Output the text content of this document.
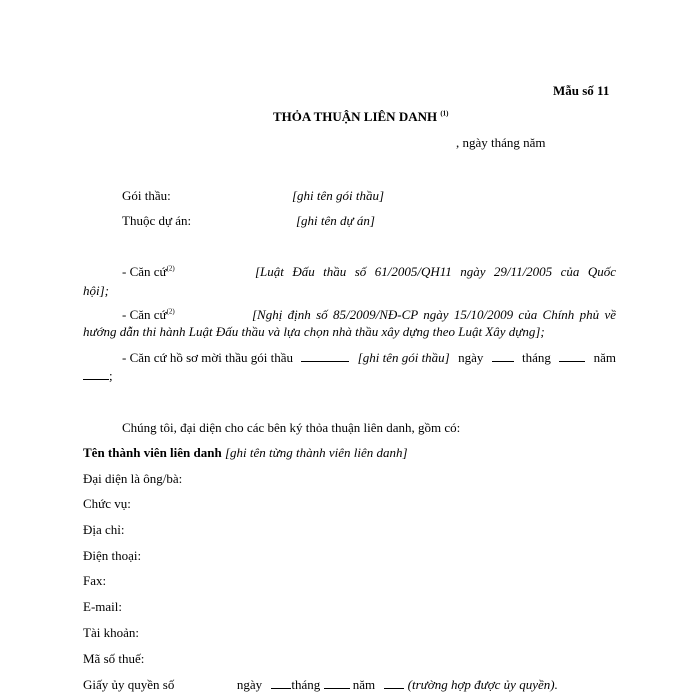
Mẫu số 11
THỎA THUẬN LIÊN DANH $^{(1)}$
, ngày tháng năm
Gói thầu:	[ghi tên gói thầu]
Thuộc dự án:	[ghi tên dự án]
- Căn cứ$^{(2)}$	[Luật Đấu thầu số 61/2005/QH11 ngày 29/11/2005 của Quốc
hội];
- Căn cứ$^{(2)}$	[Nghị định số 85/2009/NĐ-CP ngày 15/10/2009 của Chính phủ về
hướng dẫn thi hành Luật Đấu thầu và lựa chọn nhà thầu xây dựng theo Luật Xây dựng];
- Căn cứ hồ sơ mời thầu gói thầu	[ghi tên gói thầu] ngày	tháng	năm
;
Chúng tôi, đại diện cho các bên ký thỏa thuận liên danh, gồm có:
Tên thành viên liên danh [ghi tên từng thành viên liên danh]
Đại diện là ông/bà:
Chức vụ:
Địa chỉ:
Điện thoại:
Fax:
E-mail:
Tài khoản:
Mã số thuế:
Giấy ủy quyền số	ngày tháng	năm	(trường hợp được ủy quyền).
